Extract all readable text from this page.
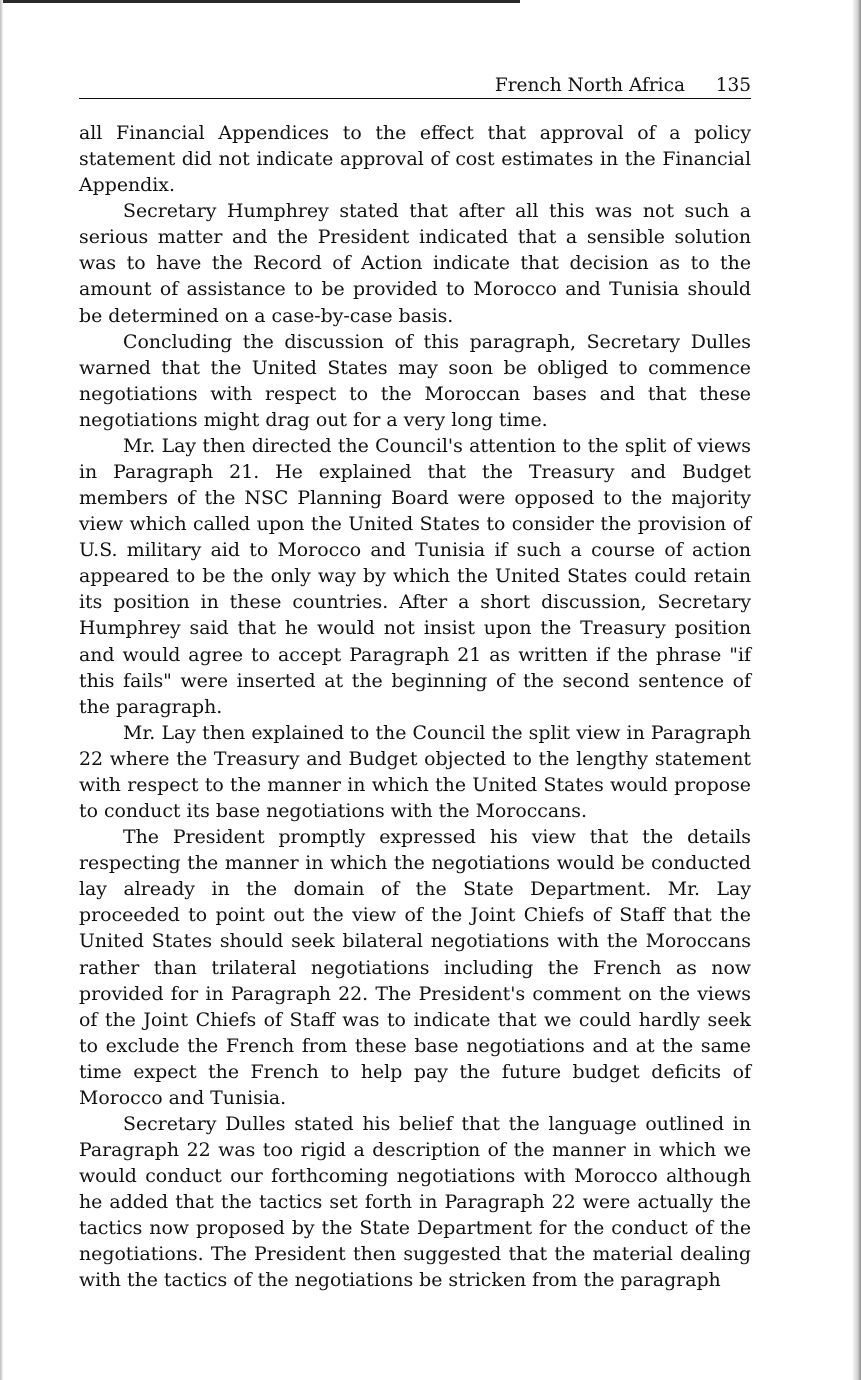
French North Africa 135

all Financial Appendices to the effect that approval of a policy statement did not indicate approval of cost estimates in the Financial Appendix.

Secretary Humphrey stated that after all this was not such a serious matter and the President indicated that a sensible solution was to have the Record of Action indicate that decision as to the amount of assistance to be provided to Morocco and Tunisia should be determined on a case-by-case basis.

Concluding the discussion of this paragraph, Secretary Dulles warned that the United States may soon be obliged to commence negotiations with respect to the Moroccan bases and that these negotiations might drag out for a very long time.

Mr. Lay then directed the Council's attention to the split of views in Paragraph 21. He explained that the Treasury and Budget members of the NSC Planning Board were opposed to the majority view which called upon the United States to consider the provision of U.S. military aid to Morocco and Tunisia if such a course of action appeared to be the only way by which the United States could retain its position in these countries. After a short discussion, Secretary Humphrey said that he would not insist upon the Treasury position and would agree to accept Paragraph 21 as written if the phrase "if this fails" were inserted at the beginning of the second sentence of the paragraph.

Mr. Lay then explained to the Council the split view in Paragraph 22 where the Treasury and Budget objected to the lengthy statement with respect to the manner in which the United States would propose to conduct its base negotiations with the Moroccans.

The President promptly expressed his view that the details respecting the manner in which the negotiations would be conducted lay already in the domain of the State Department. Mr. Lay proceeded to point out the view of the Joint Chiefs of Staff that the United States should seek bilateral negotiations with the Moroccans rather than trilateral negotiations including the French as now provided for in Paragraph 22. The President's comment on the views of the Joint Chiefs of Staff was to indicate that we could hardly seek to exclude the French from these base negotiations and at the same time expect the French to help pay the future budget deficits of Morocco and Tunisia.

Secretary Dulles stated his belief that the language outlined in Paragraph 22 was too rigid a description of the manner in which we would conduct our forthcoming negotiations with Morocco although he added that the tactics set forth in Paragraph 22 were actually the tactics now proposed by the State Department for the conduct of the negotiations. The President then suggested that the material dealing with the tactics of the negotiations be stricken from the paragraph
